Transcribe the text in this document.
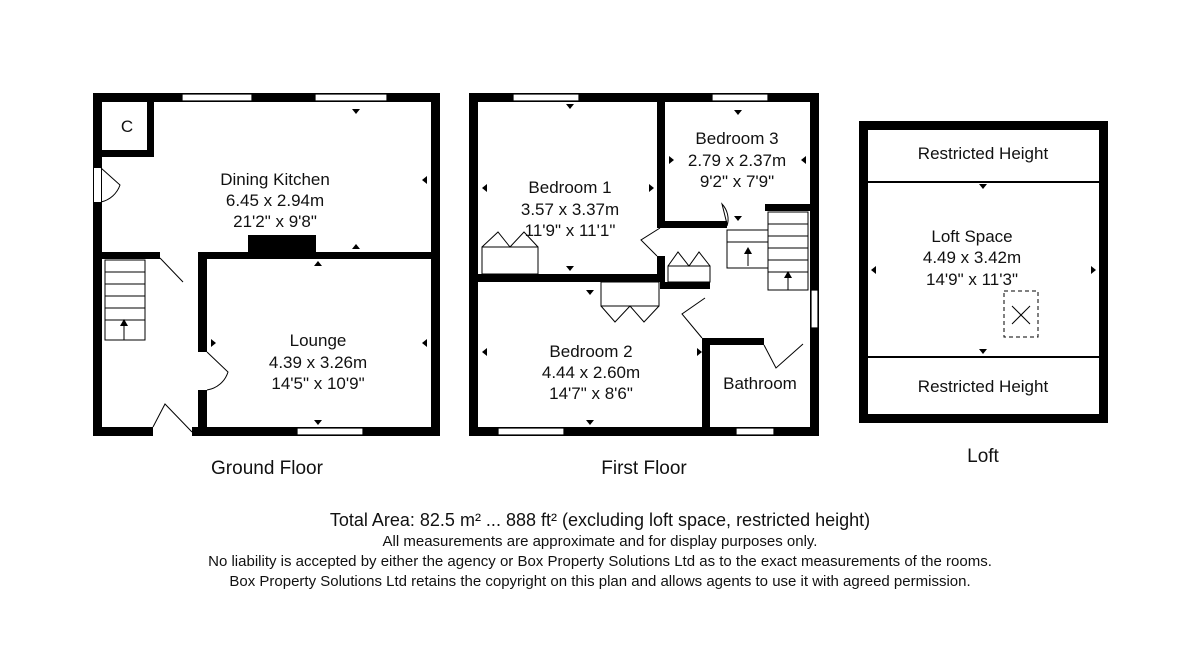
C
Dining Kitchen
6.45 x 2.94m
21'2" x 9'8"
Lounge
4.39 x 3.26m
14'5" x 10'9"
Ground Floor
Bedroom 1
3.57 x 3.37m
11'9" x 11'1"
Bedroom 3
2.79 x 2.37m
9'2" x 7'9"
Bedroom 2
4.44 x 2.60m
14'7" x 8'6"
Bathroom
First Floor
Restricted Height
Loft Space
4.49 x 3.42m
14'9" x 11'3"
Restricted Height
Loft
Total Area: 82.5 m² ... 888 ft² (excluding loft space, restricted height)
All measurements are approximate and for display purposes only.
No liability is accepted by either the agency or Box Property Solutions Ltd as to the exact measurements of the rooms.
Box Property Solutions Ltd retains the copyright on this plan and allows agents to use it with agreed permission.
